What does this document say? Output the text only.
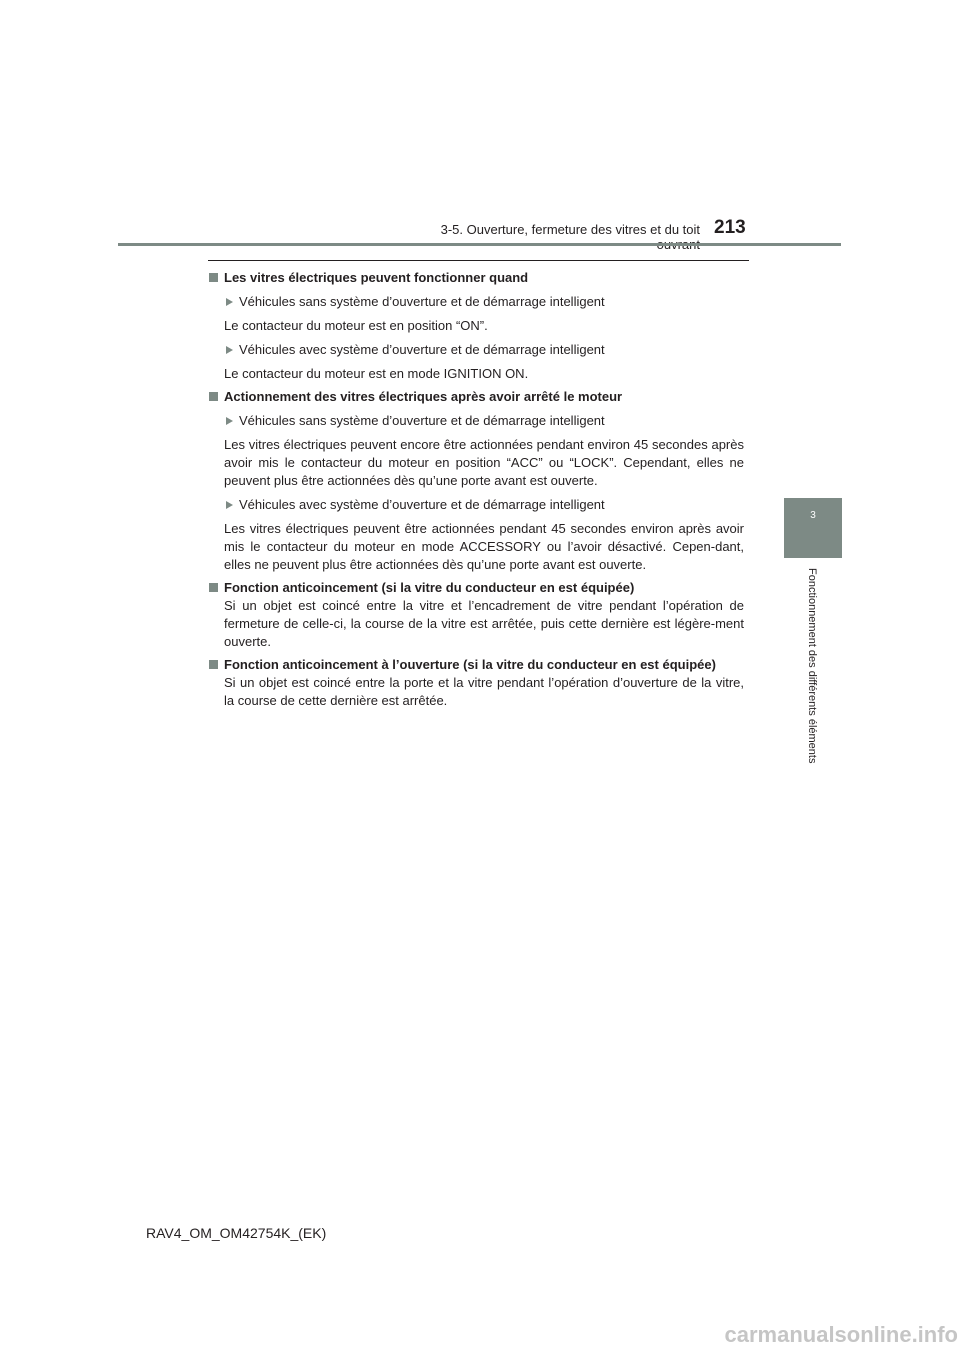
3-5. Ouverture, fermeture des vitres et du toit 213
3
Fonctionnement des différents éléments

Les vitres électriques peuvent fonctionner quand

Véhicules sans système d’ouverture et de démarrage intelligent

Le contacteur du moteur est en position “ON”.

Véhicules avec système d’ouverture et de démarrage intelligent

Le contacteur du moteur est en mode IGNITION ON.

Actionnement des vitres électriques après avoir arrêté le moteur

Véhicules sans système d’ouverture et de démarrage intelligent

Les vitres électriques peuvent encore être actionnées pendant environ 45 secondes après avoir mis le contacteur du moteur en position “ACC” ou “LOCK”. Cependant, elles ne peuvent plus être actionnées dès qu’une porte avant est ouverte.

Véhicules avec système d’ouverture et de démarrage intelligent

Les vitres électriques peuvent être actionnées pendant 45 secondes environ après avoir mis le contacteur du moteur en mode ACCESSORY ou l’avoir désactivé. Cepen-dant, elles ne peuvent plus être actionnées dès qu’une porte avant est ouverte.

Fonction anticoincement (si la vitre du conducteur en est équipée)

Si un objet est coincé entre la vitre et l’encadrement de vitre pendant l’opération de fermeture de celle-ci, la course de la vitre est arrêtée, puis cette dernière est légère-ment ouverte.

Fonction anticoincement à l’ouverture (si la vitre du conducteur en est équipée)

Si un objet est coincé entre la porte et la vitre pendant l’opération d’ouverture de la vitre, la course de cette dernière est arrêtée.

RAV4_OM_OM42754K_(EK)
carmanualsonline.info
